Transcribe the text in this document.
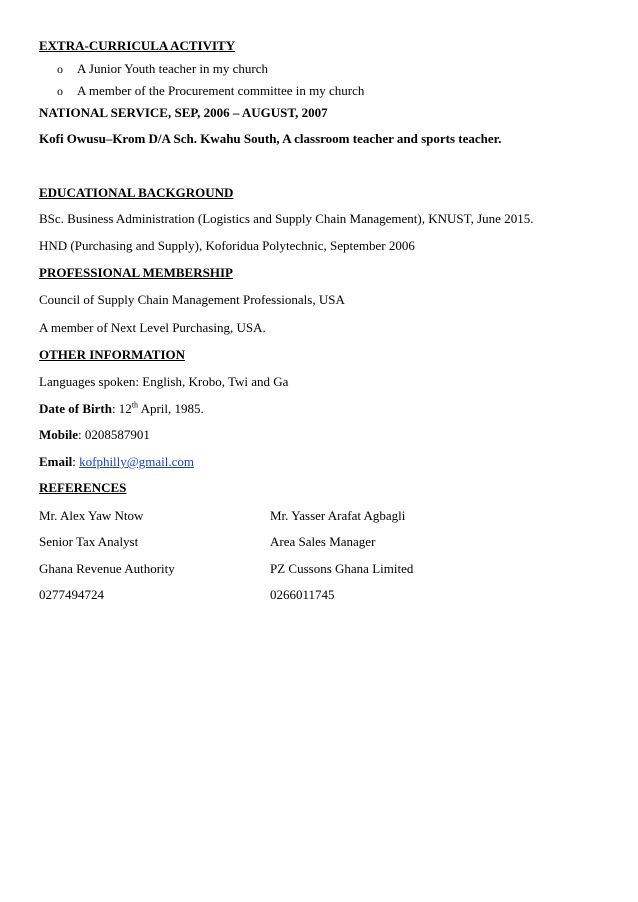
EXTRA-CURRICULA ACTIVITY
o A Junior Youth teacher in my church
o A member of the Procurement committee in my church
NATIONAL SERVICE, SEP, 2006 – AUGUST, 2007
Kofi Owusu–Krom D/A Sch. Kwahu South, A classroom teacher and sports teacher.
EDUCATIONAL BACKGROUND
BSc. Business Administration (Logistics and Supply Chain Management), KNUST, June 2015.
HND (Purchasing and Supply), Koforidua Polytechnic, September 2006
PROFESSIONAL MEMBERSHIP
Council of Supply Chain Management Professionals, USA
A member of Next Level Purchasing, USA.
OTHER INFORMATION
Languages spoken: English, Krobo, Twi and Ga
Date of Birth: 12th April, 1985.
Mobile: 0208587901
Email: kofphilly@gmail.com
REFERENCES
Mr. Alex Yaw Ntow
Senior Tax Analyst
Ghana Revenue Authority
0277494724
Mr. Yasser Arafat Agbagli
Area Sales Manager
PZ Cussons Ghana Limited
0266011745
